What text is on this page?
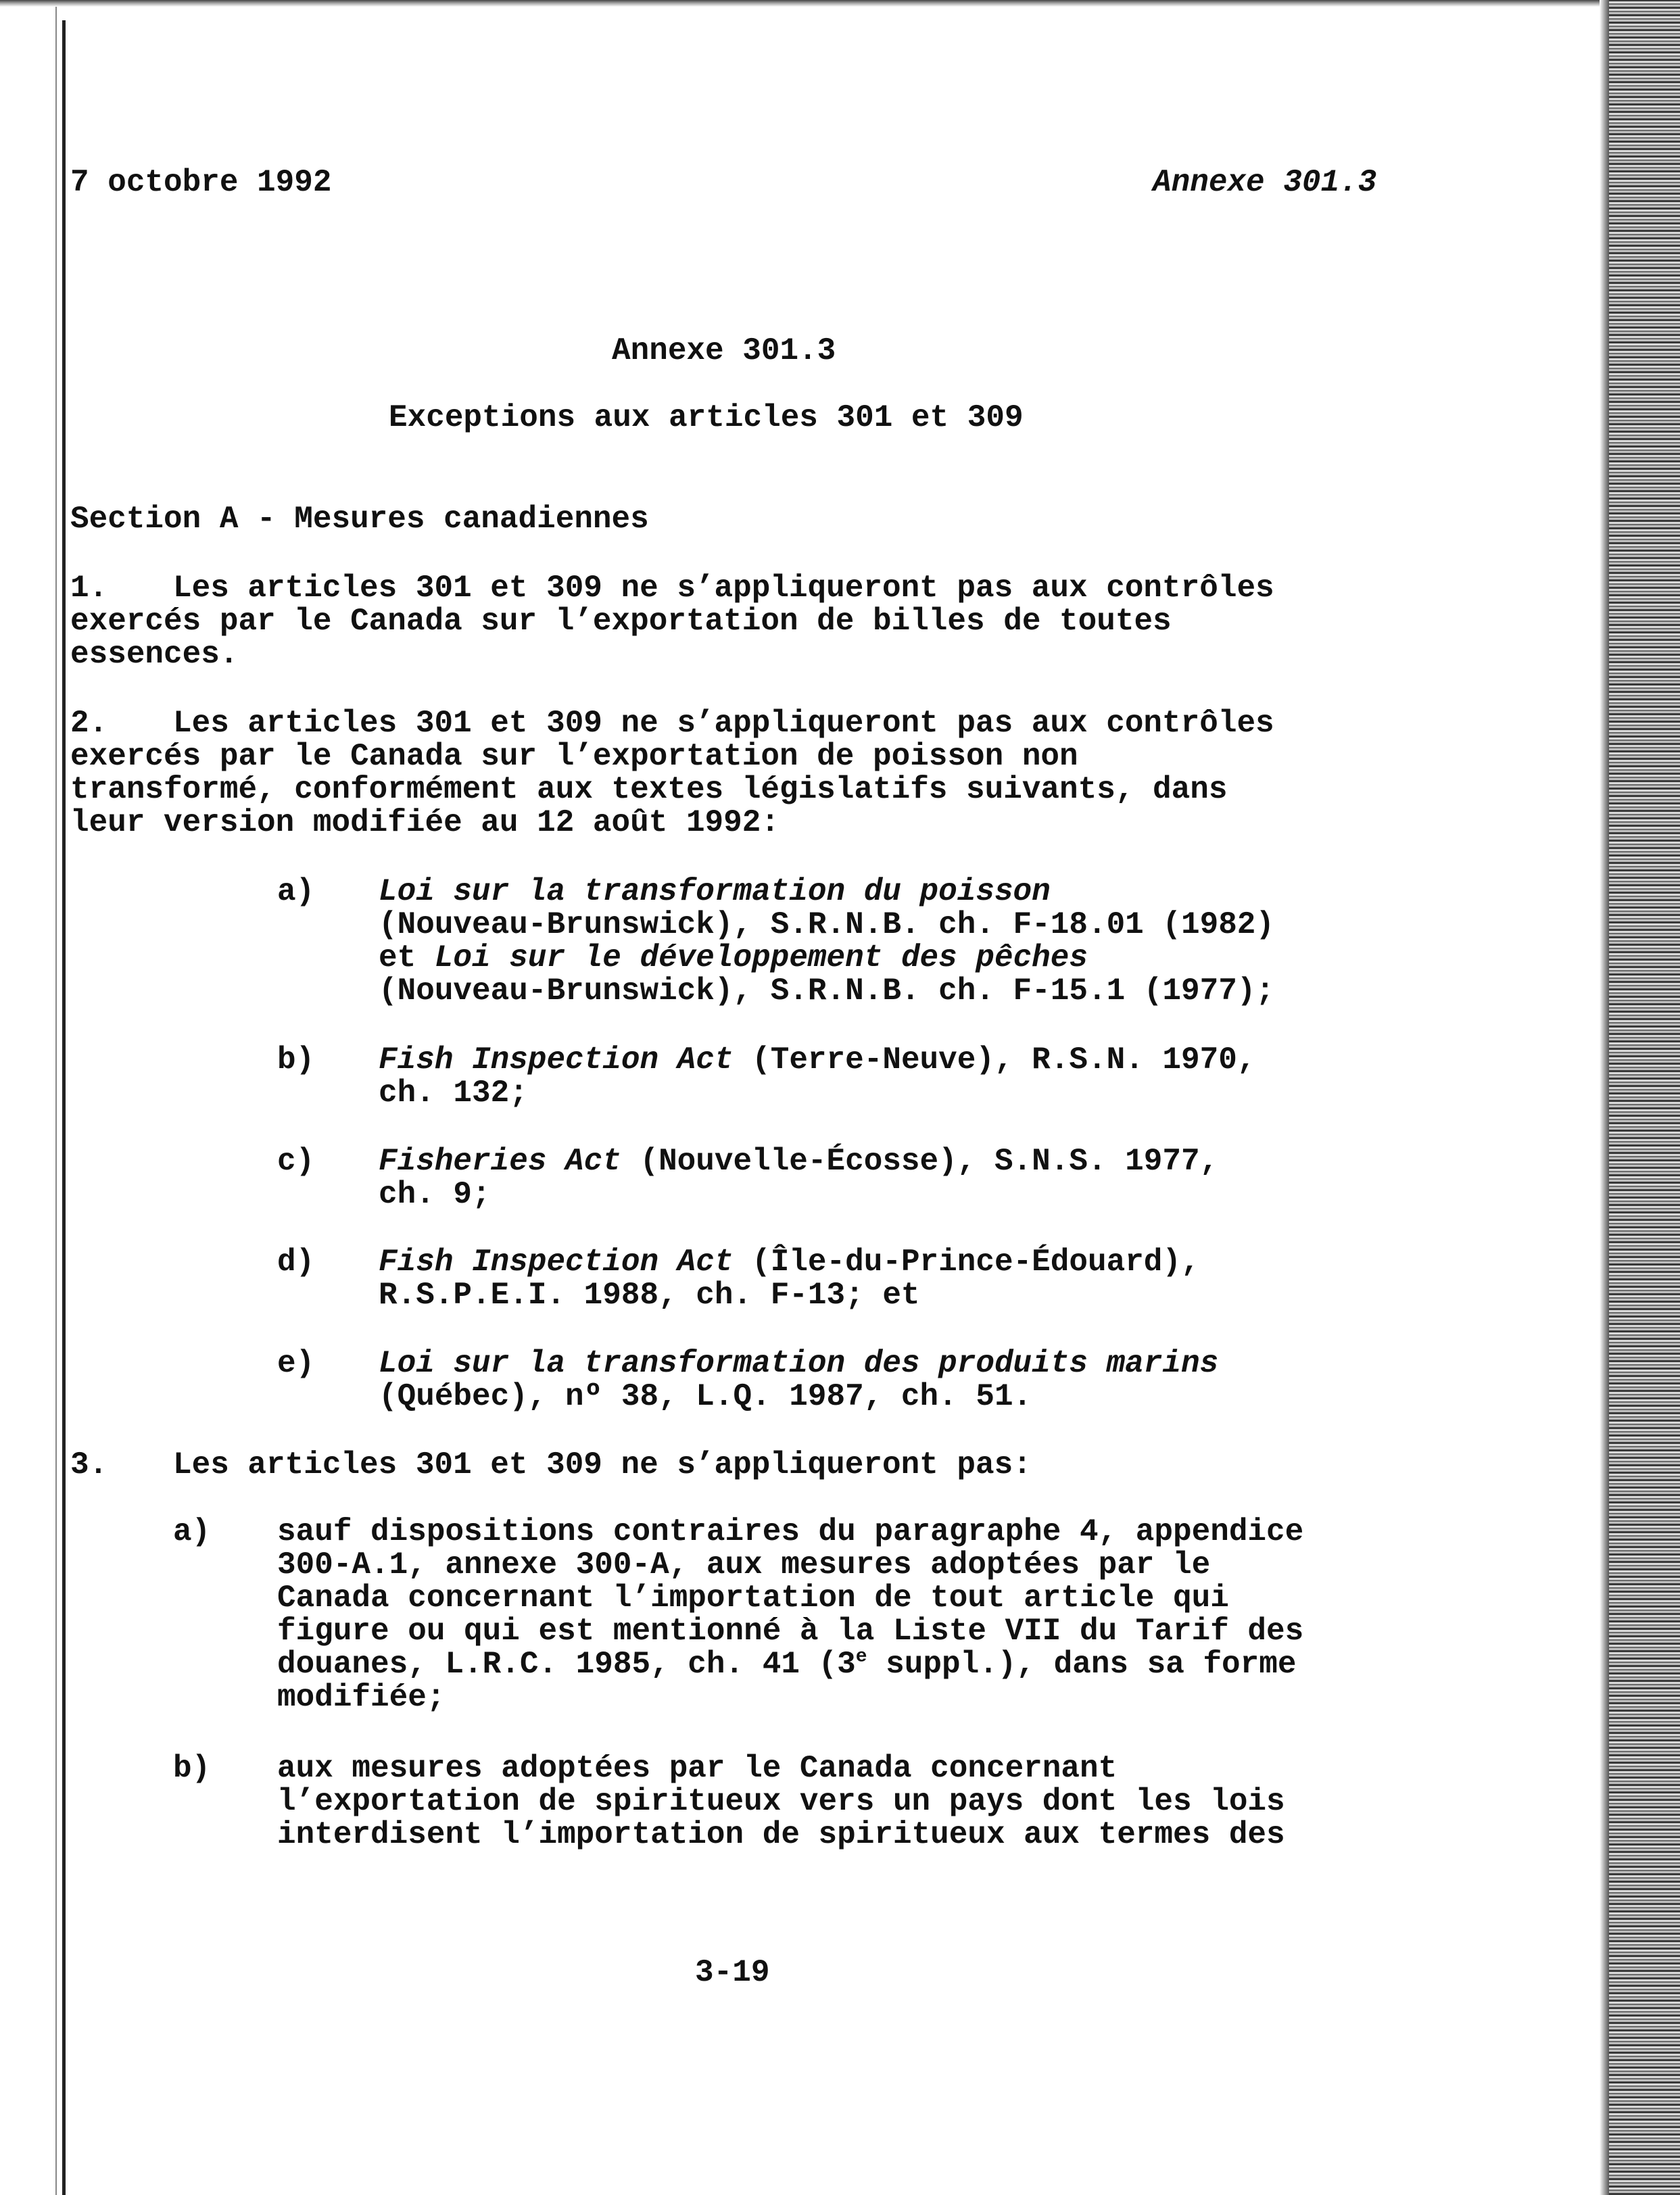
7 octobre 1992	Annexe 301.3
Annexe 301.3
Exceptions aux articles 301 et 309
Section A - Mesures canadiennes
1.	Les articles 301 et 309 ne s’appliqueront pas aux contrôles

exercés par le Canada sur l’exportation de billes de toutes

essences.

2.	Les articles 301 et 309 ne s’appliqueront pas aux contrôles

exercés par le Canada sur l’exportation de poisson non

transformé, conformément aux textes législatifs suivants, dans

leur version modifiée au 12 août 1992:

a) Loi sur la transformation du poisson

(Nouveau-Brunswick), S.R.N.B. ch. F-18.01 (1982)

et Loi sur le développement des pêches

(Nouveau-Brunswick), S.R.N.B. ch. F-15.1 (1977);

b) Fish Inspection Act (Terre-Neuve), R.S.N. 1970,

ch. 132;

c) Fisheries Act (Nouvelle-Écosse), S.N.S. 1977,

ch. 9;

d) Fish Inspection Act (Île-du-Prince-Édouard),

R.S.P.E.I. 1988, ch. F-13; et

e) Loi sur la transformation des produits marins

(Québec), nº 38, L.Q. 1987, ch. 51.

3. Les articles 301 et 309 ne s’appliqueront pas:
a) sauf dispositions contraires du paragraphe 4, appendice

300-A.1, annexe 300-A, aux mesures adoptées par le

Canada concernant l’importation de tout article qui

figure ou qui est mentionné à la Liste VII du Tarif des

douanes, L.R.C. 1985, ch. 41 (3e suppl.), dans sa forme

modifiée;

b) aux mesures adoptées par le Canada concernant

l’exportation de spiritueux vers un pays dont les lois

interdisent l’importation de spiritueux aux termes des

3-19
